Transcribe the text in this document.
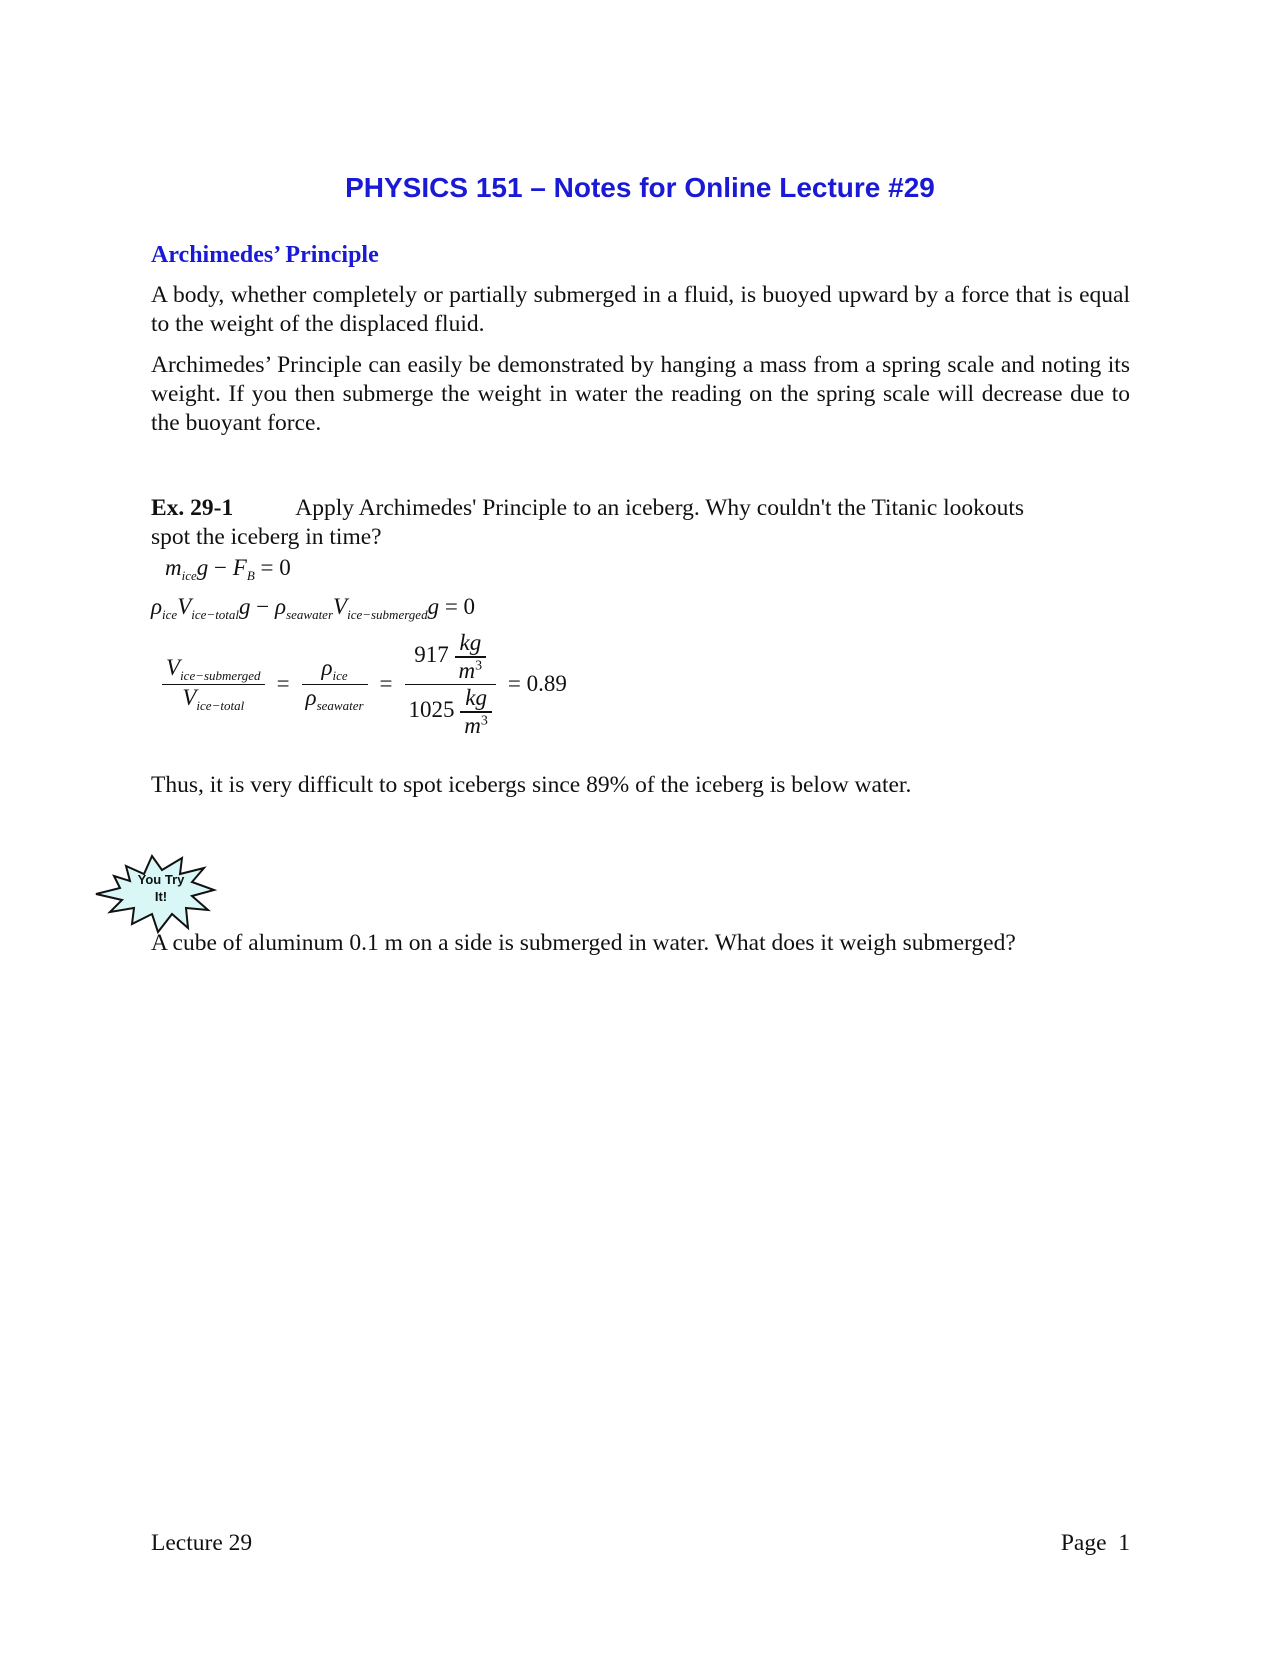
PHYSICS 151 – Notes for Online Lecture #29
Archimedes’ Principle
A body, whether completely or partially submerged in a fluid, is buoyed upward by a force that is equal to the weight of the displaced fluid.
Archimedes’ Principle can easily be demonstrated by hanging a mass from a spring scale and noting its weight. If you then submerge the weight in water the reading on the spring scale will decrease due to the buoyant force.
Ex. 29-1	Apply Archimedes' Principle to an iceberg. Why couldn't the Titanic lookouts
spot the iceberg in time?
$m_{ice}g - F_B = 0$
$\rho_{ice}V_{ice-total}g - \rho_{seawater}V_{ice-submerged}g = 0$
$\frac{V_{ice-submerged}}{V_{ice-total}} = \frac{\rho_{ice}}{\rho_{seawater}} = \frac{917 \frac{kg}{m^3}}{1025 \frac{kg}{m^3}} = 0.89$
Thus, it is very difficult to spot icebergs since 89% of the iceberg is below water.
You Try
It!
A cube of aluminum 0.1 m on a side is submerged in water. What does it weigh submerged?
Lecture 29	Page  1
